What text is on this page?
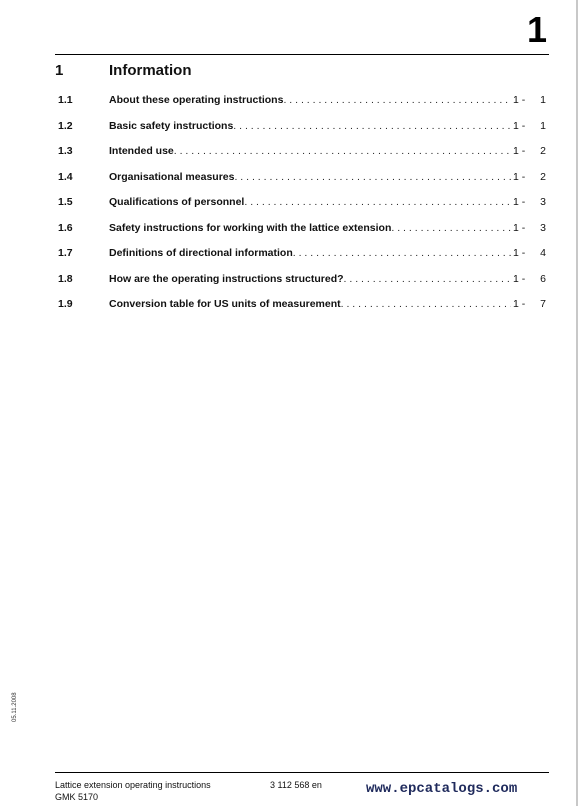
1
1	Information
1.1	About these operating instructions . . .	1 - 1
1.2	Basic safety instructions . . .	1 - 1
1.3	Intended use . . .	1 - 2
1.4	Organisational measures . . .	1 - 2
1.5	Qualifications of personnel . . .	1 - 3
1.6	Safety instructions for working with the lattice extension . . .	1 - 3
1.7	Definitions of directional information . . .	1 - 4
1.8	How are the operating instructions structured? . . .	1 - 6
1.9	Conversion table for US units of measurement . . .	1 - 7
05.11.2008
Lattice extension operating instructions
GMK 5170
3 112 568 en	www.epcatalogs.com
